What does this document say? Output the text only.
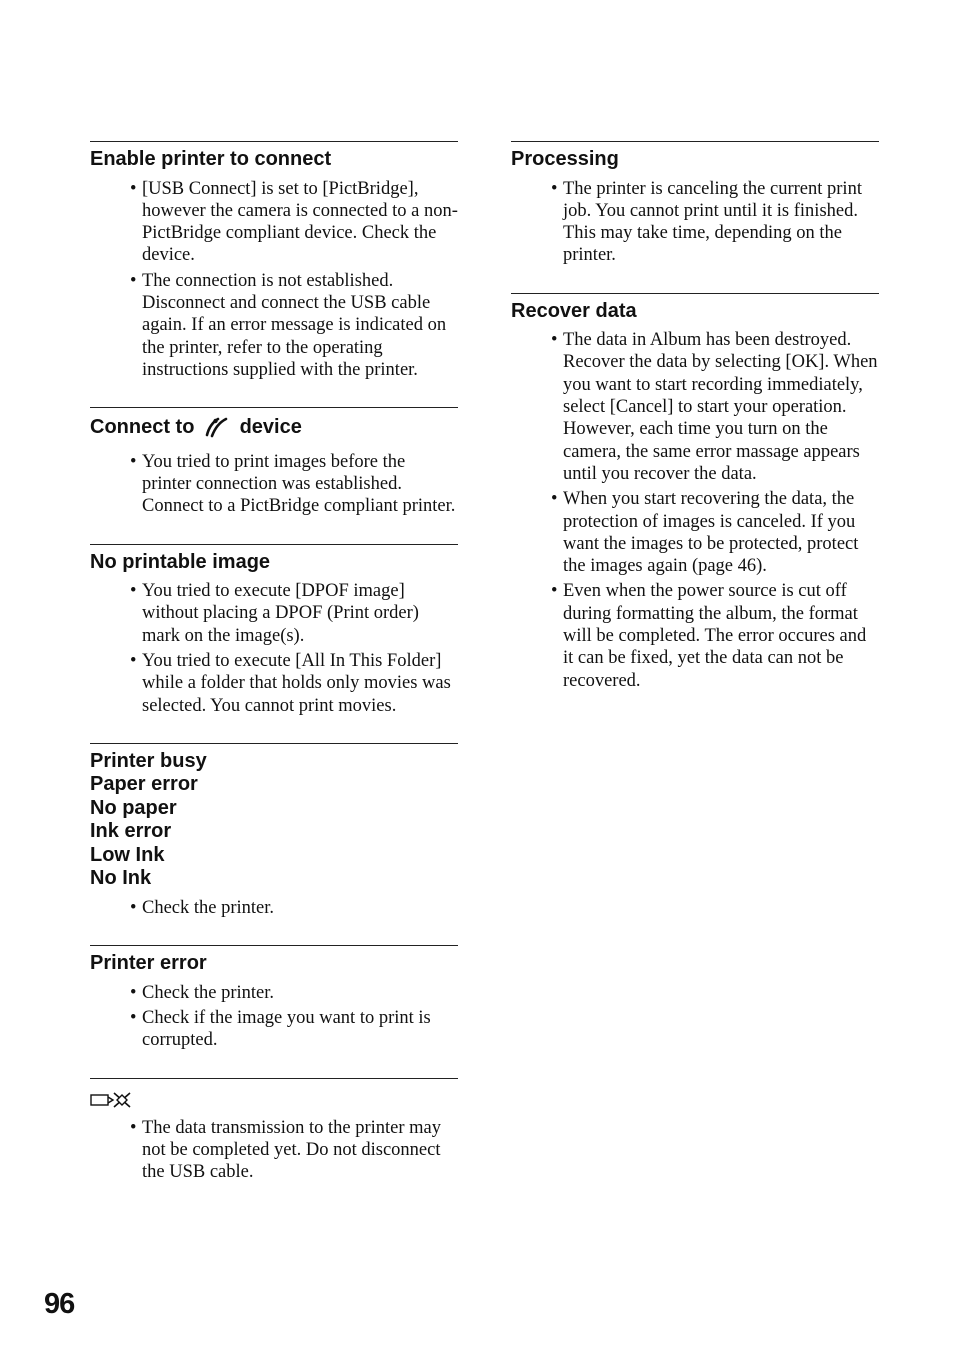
Enable printer to connect
• [USB Connect] is set to [PictBridge], however the camera is connected to a non-PictBridge compliant device. Check the device.
• The connection is not established. Disconnect and connect the USB cable again. If an error message is indicated on the printer, refer to the operating instructions supplied with the printer.
Connect to device
• You tried to print images before the printer connection was established. Connect to a PictBridge compliant printer.
No printable image
• You tried to execute [DPOF image] without placing a DPOF (Print order) mark on the image(s).
• You tried to execute [All In This Folder] while a folder that holds only movies was selected. You cannot print movies.
Printer busy
Paper error
No paper
Ink error
Low Ink
No Ink
• Check the printer.
Printer error
• Check the printer.
• Check if the image you want to print is corrupted.
• The data transmission to the printer may not be completed yet. Do not disconnect the USB cable.
Processing
• The printer is canceling the current print job. You cannot print until it is finished. This may take time, depending on the printer.
Recover data
• The data in Album has been destroyed. Recover the data by selecting [OK]. When you want to start recording immediately, select [Cancel] to start your operation. However, each time you turn on the camera, the same error massage appears until you recover the data.
• When you start recovering the data, the protection of images is canceled. If you want the images to be protected, protect the images again (page 46).
• Even when the power source is cut off during formatting the album, the format will be completed. The error occures and it can be fixed, yet the data can not be recovered.
96
